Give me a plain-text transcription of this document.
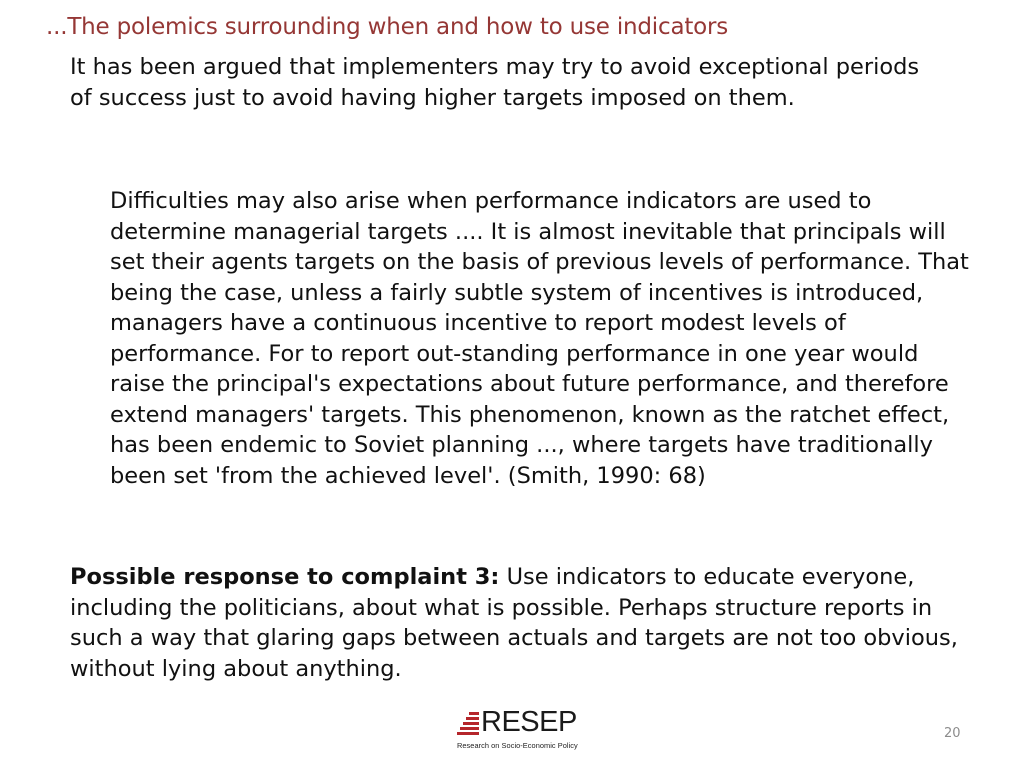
...The polemics surrounding when and how to use indicators
It has been argued that implementers may try to avoid exceptional periods of success just to avoid having higher targets imposed on them.
Difficulties may also arise when performance indicators are used to determine managerial targets .... It is almost inevitable that principals will set their agents targets on the basis of previous levels of performance. That being the case, unless a fairly subtle system of incentives is introduced, managers have a continuous incentive to report modest levels of performance. For to report out-standing performance in one year would raise the principal's expectations about future performance, and therefore extend managers' targets. This phenomenon, known as the ratchet effect, has been endemic to Soviet planning ..., where targets have traditionally been set 'from the achieved level'. (Smith, 1990: 68)
Possible response to complaint 3: Use indicators to educate everyone, including the politicians, about what is possible. Perhaps structure reports in such a way that glaring gaps between actuals and targets are not too obvious, without lying about anything.
RESEP
Research on Socio-Economic Policy
20
